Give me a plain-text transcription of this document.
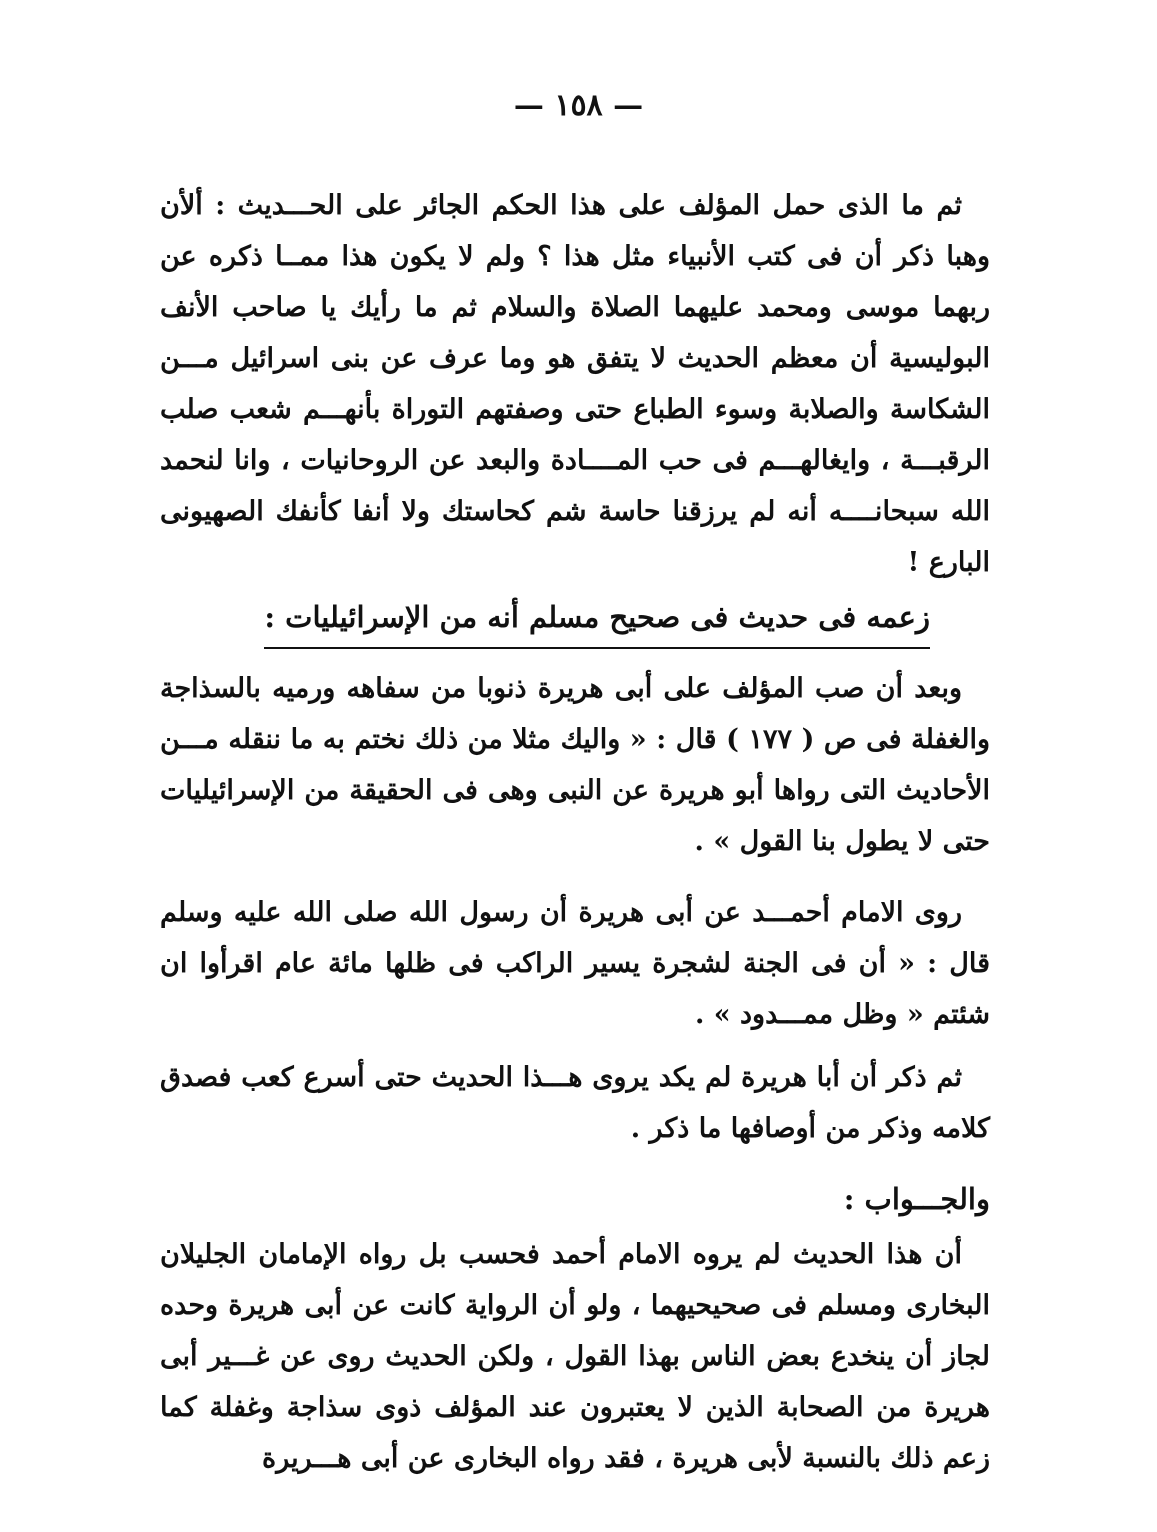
— ١٥٨ —

ثم ما الذى حمل المؤلف على هذا الحكم الجائر على الحـــديث : ألأن وهبا ذكر أن فى كتب الأنبياء مثل هذا ؟ ولم لا يكون هذا ممــا ذكره عن ربهما موسى ومحمد عليهما الصلاة والسلام ثم ما رأيك يا صاحب الأنف البوليسية أن معظم الحديث لا يتفق هو وما عرف عن بنى اسرائيل مـــن الشكاسة والصلابة وسوء الطباع حتى وصفتهم التوراة بأنهـــم شعب صلب الرقبـــة ، وايغالهـــم فى حب المــــادة والبعد عن الروحانيات ، وانا لنحمد الله سبحانــــه أنه لم يرزقنا حاسة شم كحاستك ولا أنفا كأنفك الصهيونى البارع !

زعمه فى حديث فى صحيح مسلم أنه من الإسرائيليات :

وبعد أن صب المؤلف على أبى هريرة ذنوبا من سفاهه ورميه بالسذاجة والغفلة فى ص ( ١٧٧ ) قال : « واليك مثلا من ذلك نختم به ما ننقله مـــن الأحاديث التى رواها أبو هريرة عن النبى وهى فى الحقيقة من الإسرائيليات حتى لا يطول بنا القول » .

روى الامام أحمـــد عن أبى هريرة أن رسول الله صلى الله عليه وسلم قال : « أن فى الجنة لشجرة يسير الراكب فى ظلها مائة عام اقرأوا ان شئتم « وظل ممـــدود » .

ثم ذكر أن أبا هريرة لم يكد يروى هـــذا الحديث حتى أسرع كعب فصدق كلامه وذكر من أوصافها ما ذكر .

والجـــواب :

أن هذا الحديث لم يروه الامام أحمد فحسب بل رواه الإمامان الجليلان البخارى ومسلم فى صحيحيهما ، ولو أن الرواية كانت عن أبى هريرة وحده لجاز أن ينخدع بعض الناس بهذا القول ، ولكن الحديث روى عن غـــير أبى هريرة من الصحابة الذين لا يعتبرون عند المؤلف ذوى سذاجة وغفلة كما زعم ذلك بالنسبة لأبى هريرة ، فقد رواه البخارى عن أبى هـــريرة
